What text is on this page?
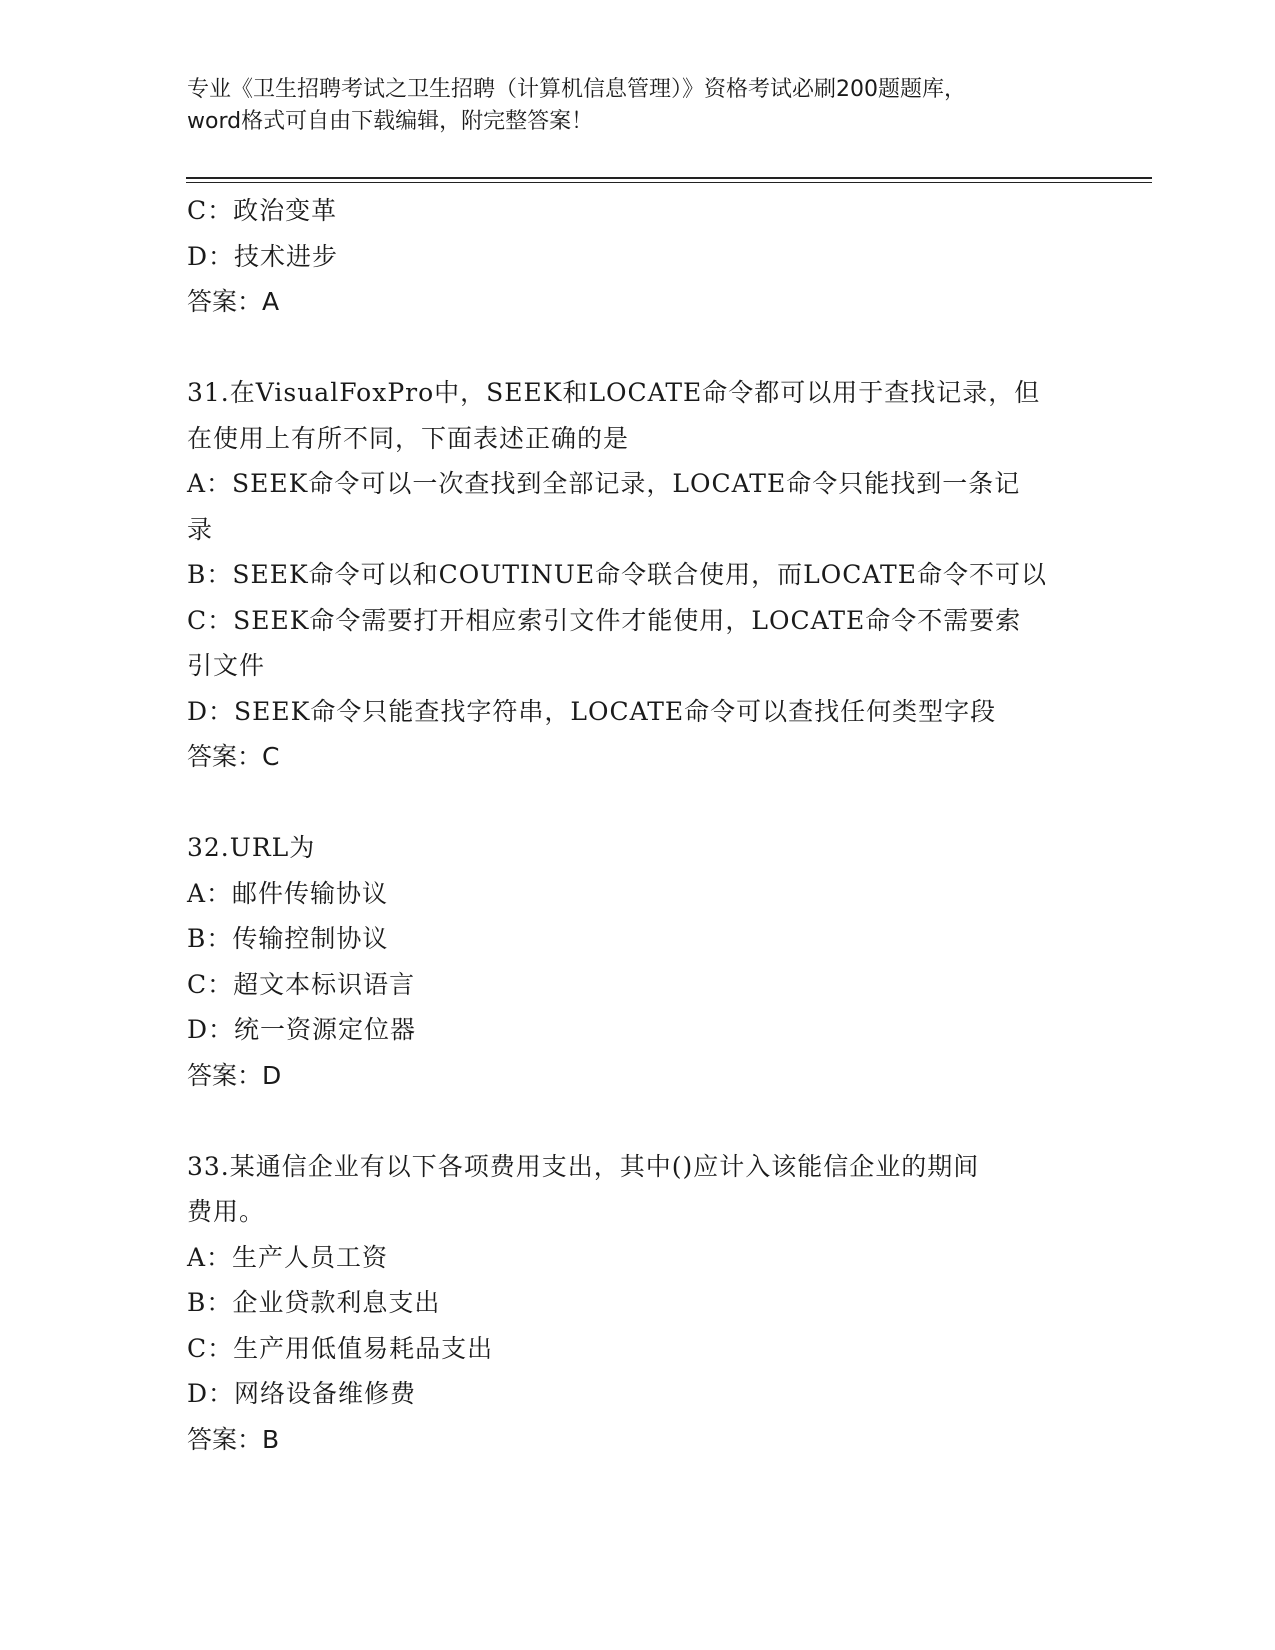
专业《卫生招聘考试之卫生招聘（计算机信息管理）》资格考试必刷200题题库，
word格式可自由下载编辑，附完整答案！
C：政治变革
D：技术进步
答案：A
31.在VisualFoxPro中，SEEK和LOCATE命令都可以用于查找记录，但
在使用上有所不同，下面表述正确的是
A：SEEK命令可以一次查找到全部记录，LOCATE命令只能找到一条记
录
B：SEEK命令可以和COUTINUE命令联合使用，而LOCATE命令不可以
C：SEEK命令需要打开相应索引文件才能使用，LOCATE命令不需要索
引文件
D：SEEK命令只能查找字符串，LOCATE命令可以查找任何类型字段
答案：C
32.URL为
A：邮件传输协议
B：传输控制协议
C：超文本标识语言
D：统一资源定位器
答案：D
33.某通信企业有以下各项费用支出，其中()应计入该能信企业的期间
费用。
A：生产人员工资
B：企业贷款利息支出
C：生产用低值易耗品支出
D：网络设备维修费
答案：B
